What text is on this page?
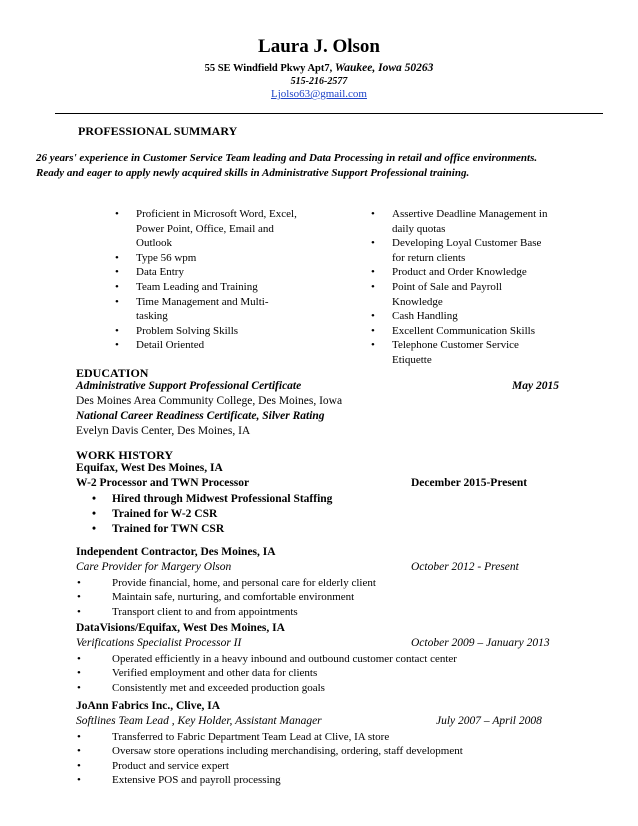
Laura J. Olson
55 SE Windfield Pkwy Apt7, Waukee, Iowa 50263
515-216-2577
Ljolso63@gmail.com
PROFESSIONAL SUMMARY
26 years' experience in Customer Service Team leading and Data Processing in retail and office environments.
Ready and eager to apply newly acquired skills in Administrative Support Professional training.
• Proficient in Microsoft Word, Excel,
Power Point, Office, Email and
Outlook
• Type 56 wpm
• Data Entry
• Team Leading and Training
• Time Management and Multi-
tasking
• Problem Solving Skills
• Detail Oriented
• Assertive Deadline Management in
daily quotas
• Developing Loyal Customer Base
for return clients
• Product and Order Knowledge
• Point of Sale and Payroll
Knowledge
• Cash Handling
• Excellent Communication Skills
• Telephone Customer Service
Etiquette
EDUCATION
Administrative Support Professional Certificate	May 2015
Des Moines Area Community College, Des Moines, Iowa
National Career Readiness Certificate, Silver Rating
Evelyn Davis Center, Des Moines, IA
WORK HISTORY
Equifax, West Des Moines, IA
W-2 Processor and TWN Processor	December 2015-Present
• Hired through Midwest Professional Staffing
• Trained for W-2 CSR
• Trained for TWN CSR
Independent Contractor, Des Moines, IA
Care Provider for Margery Olson	October 2012 - Present
• Provide financial, home, and personal care for elderly client
• Maintain safe, nurturing, and comfortable environment
• Transport client to and from appointments
DataVisions/Equifax, West Des Moines, IA
Verifications Specialist Processor II	October 2009 – January 2013
• Operated efficiently in a heavy inbound and outbound customer contact center
• Verified employment and other data for clients
• Consistently met and exceeded production goals
JoAnn Fabrics Inc., Clive, IA
Softlines Team Lead , Key Holder, Assistant Manager	July 2007 – April 2008
• Transferred to Fabric Department Team Lead at Clive, IA store
• Oversaw store operations including merchandising, ordering, staff development
• Product and service expert
• Extensive POS and payroll processing
